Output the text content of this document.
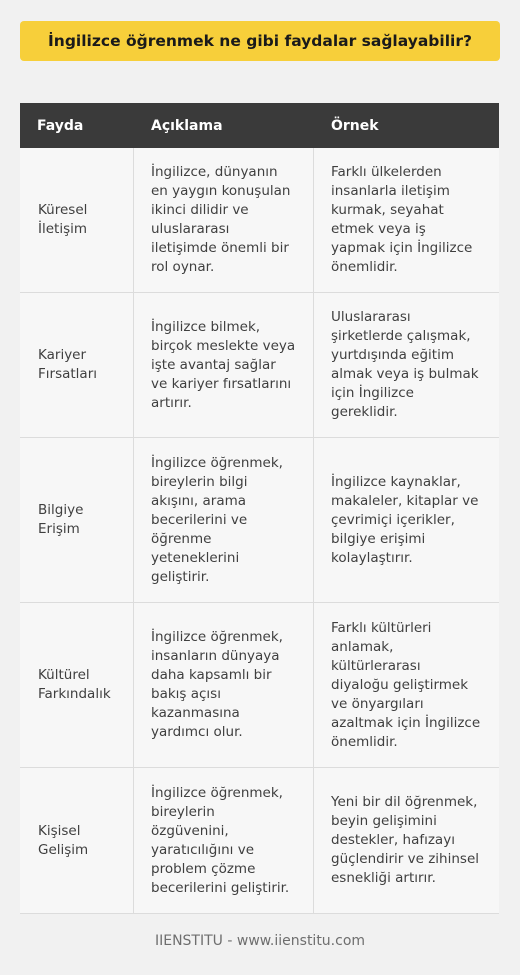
İngilizce öğrenmek ne gibi faydalar sağlayabilir?
Fayda	Açıklama	Örnek
Küresel İletişim	İngilizce, dünyanın en yaygın konuşulan ikinci dilidir ve uluslararası iletişimde önemli bir rol oynar.	Farklı ülkelerden insanlarla iletişim kurmak, seyahat etmek veya iş yapmak için İngilizce önemlidir.
Kariyer Fırsatları	İngilizce bilmek, birçok meslekte veya işte avantaj sağlar ve kariyer fırsatlarını artırır.	Uluslararası şirketlerde çalışmak, yurtdışında eğitim almak veya iş bulmak için İngilizce gereklidir.
Bilgiye Erişim	İngilizce öğrenmek, bireylerin bilgi akışını, arama becerilerini ve öğrenme yeteneklerini geliştirir.	İngilizce kaynaklar, makaleler, kitaplar ve çevrimiçi içerikler, bilgiye erişimi kolaylaştırır.
Kültürel Farkındalık	İngilizce öğrenmek, insanların dünyaya daha kapsamlı bir bakış açısı kazanmasına yardımcı olur.	Farklı kültürleri anlamak, kültürlerarası diyaloğu geliştirmek ve önyargıları azaltmak için İngilizce önemlidir.
Kişisel Gelişim	İngilizce öğrenmek, bireylerin özgüvenini, yaratıcılığını ve problem çözme becerilerini geliştirir.	Yeni bir dil öğrenmek, beyin gelişimini destekler, hafızayı güçlendirir ve zihinsel esnekliği artırır.
IIENSTITU - www.iienstitu.com
